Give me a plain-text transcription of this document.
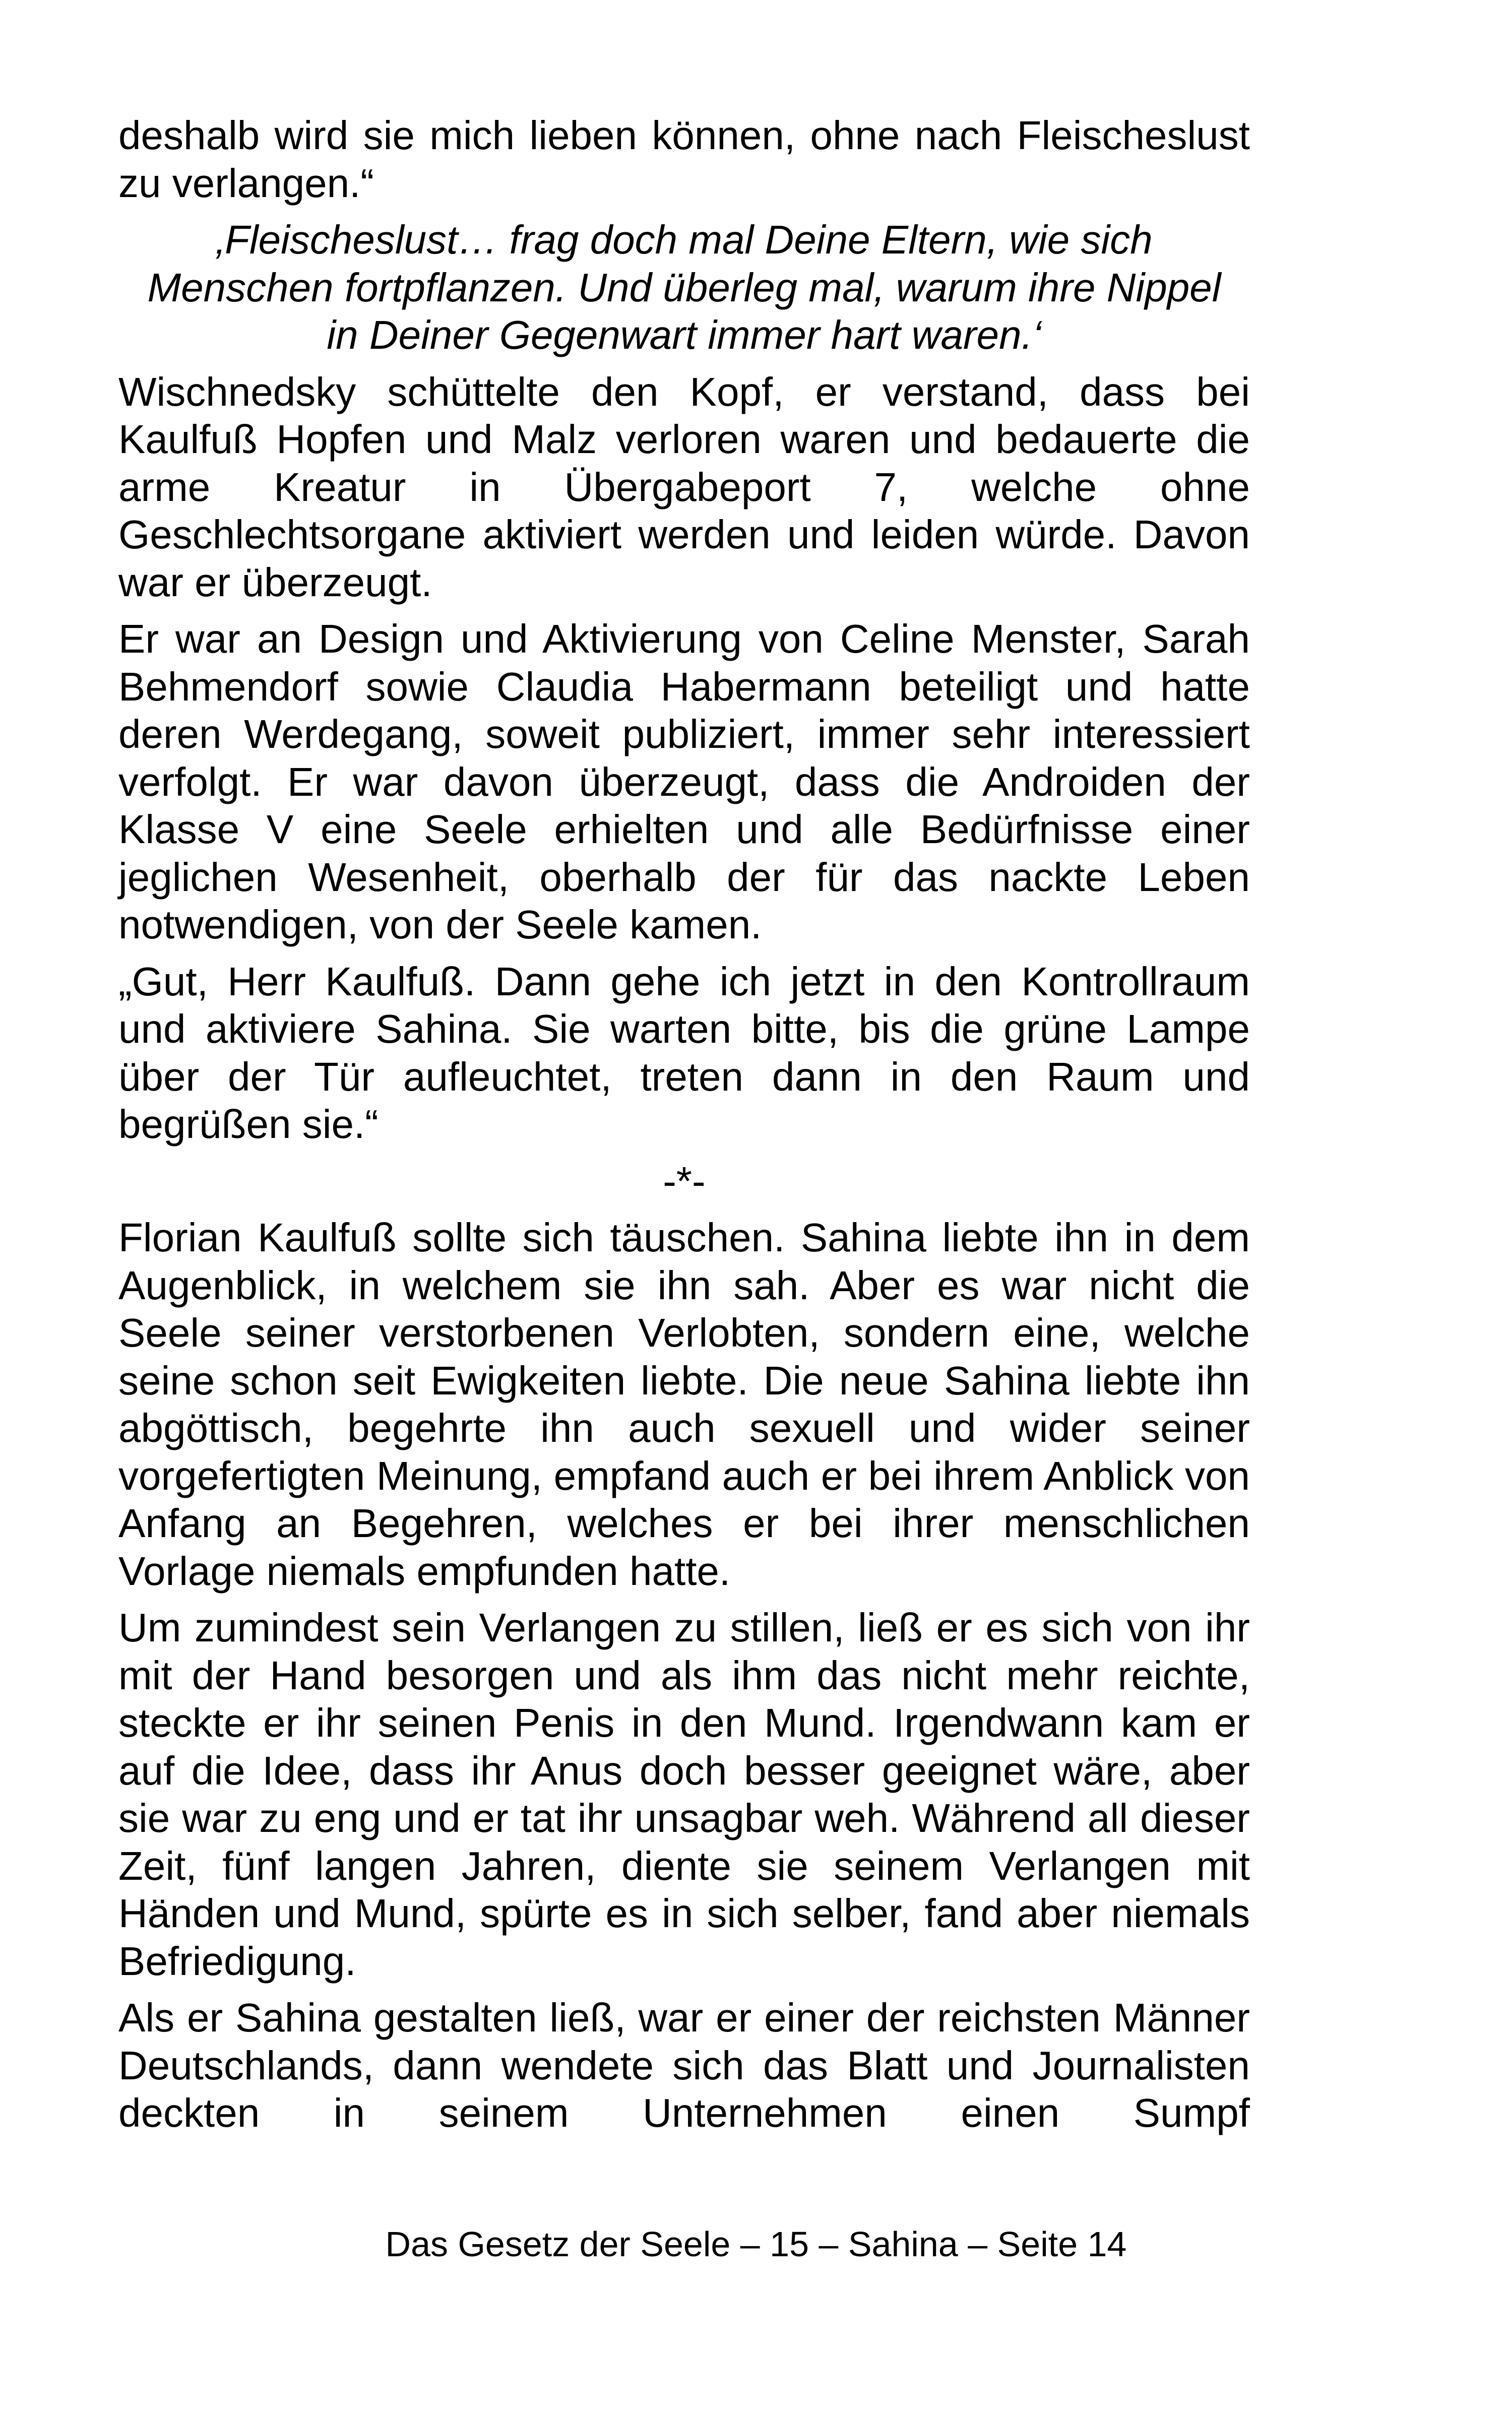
deshalb wird sie mich lieben können, ohne nach Fleischeslust zu verlangen.“

‚Fleischeslust… frag doch mal Deine Eltern, wie sich Menschen fortpflanzen. Und überleg mal, warum ihre Nippel in Deiner Gegenwart immer hart waren.‘

Wischnedsky schüttelte den Kopf, er verstand, dass bei Kaulfuß Hopfen und Malz verloren waren und bedauerte die arme Kreatur in Übergabeport 7, welche ohne Geschlechtsorgane aktiviert werden und leiden würde. Davon war er überzeugt.

Er war an Design und Aktivierung von Celine Menster, Sarah Behmendorf sowie Claudia Habermann beteiligt und hatte deren Werdegang, soweit publiziert, immer sehr interessiert verfolgt. Er war davon überzeugt, dass die Androiden der Klasse V eine Seele erhielten und alle Bedürfnisse einer jeglichen Wesenheit, oberhalb der für das nackte Leben notwendigen, von der Seele kamen.

„Gut, Herr Kaulfuß. Dann gehe ich jetzt in den Kontrollraum und aktiviere Sahina. Sie warten bitte, bis die grüne Lampe über der Tür aufleuchtet, treten dann in den Raum und begrüßen sie.“

-*-

Florian Kaulfuß sollte sich täuschen. Sahina liebte ihn in dem Augenblick, in welchem sie ihn sah. Aber es war nicht die Seele seiner verstorbenen Verlobten, sondern eine, welche seine schon seit Ewigkeiten liebte. Die neue Sahina liebte ihn abgöttisch, begehrte ihn auch sexuell und wider seiner vorgefertigten Meinung, empfand auch er bei ihrem Anblick von Anfang an Begehren, welches er bei ihrer menschlichen Vorlage niemals empfunden hatte.

Um zumindest sein Verlangen zu stillen, ließ er es sich von ihr mit der Hand besorgen und als ihm das nicht mehr reichte, steckte er ihr seinen Penis in den Mund. Irgendwann kam er auf die Idee, dass ihr Anus doch besser geeignet wäre, aber sie war zu eng und er tat ihr unsagbar weh. Während all dieser Zeit, fünf langen Jahren, diente sie seinem Verlangen mit Händen und Mund, spürte es in sich selber, fand aber niemals Befriedigung.

Als er Sahina gestalten ließ, war er einer der reichsten Männer Deutschlands, dann wendete sich das Blatt und Journalisten deckten in seinem Unternehmen einen Sumpf

Das Gesetz der Seele – 15 – Sahina – Seite 14
